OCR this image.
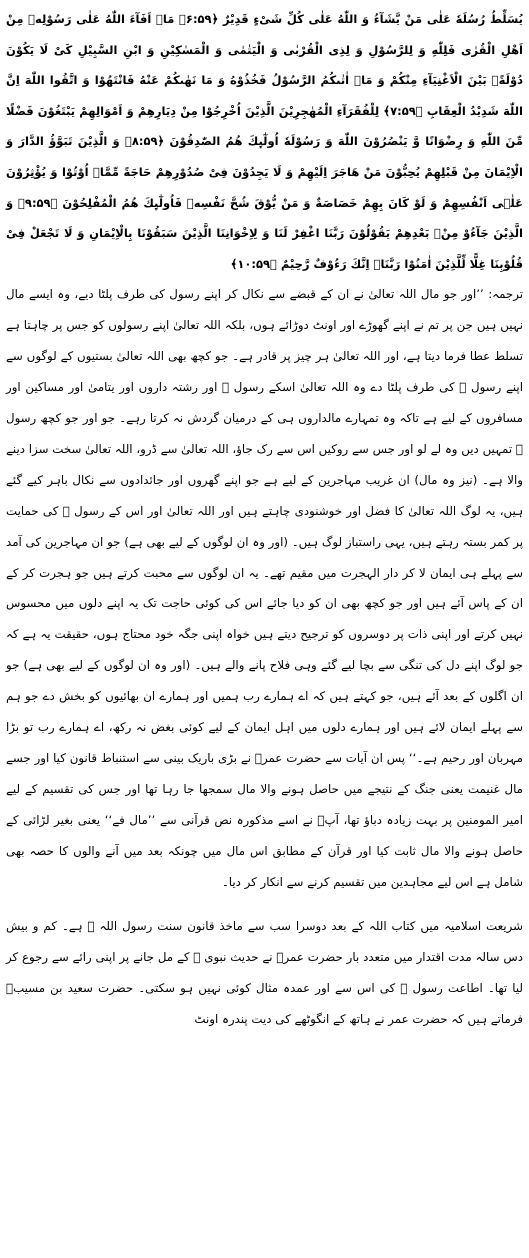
یُسَلِّطُ رُسُلَهٗ عَلٰی مَنْ یَّشَآءُ وَ اللّٰهُ عَلٰی كُلِّ شَیْءٍ قَدِیْرٌ ﴿۶:۵۹﴾ مَاۤ اَفَآءَ اللّٰهُ عَلٰی رَسُوْلِهٖ مِنْ اَهْلِ الْقُرٰی فَلِلّٰهِ وَ لِلرَّسُوْلِ وَ لِذِی الْقُرْبٰی وَ الْیَتٰمٰی وَ الْمَسٰكِیْنِ وَ ابْنِ السَّبِیْلِ كَیْ لَا یَكُوْنَ دُوْلَةًۢ بَیْنَ الْاَغْنِیَآءِ مِنْكُمْ وَ مَاۤ اٰتٰىكُمُ الرَّسُوْلُ فَخُذُوْهُ وَ مَا نَهٰىكُمْ عَنْهُ فَانْتَهُوْا وَ اتَّقُوا اللّٰهَ اِنَّ اللّٰهَ شَدِیْدُ الْعِقَابِ ﴿۷:۵۹﴾ لِلْفُقَرَآءِ الْمُهٰجِرِیْنَ الَّذِیْنَ اُخْرِجُوْا مِنْ دِیَارِهِمْ وَ اَمْوَالِهِمْ یَبْتَغُوْنَ فَضْلًا مِّنَ اللّٰهِ وَ رِضْوَانًا وَّ یَنْصُرُوْنَ اللّٰهَ وَ رَسُوْلَهٗ اُولٰٓىِٕكَ هُمُ الصّٰدِقُوْنَ ﴿۸:۵۹﴾ وَ الَّذِیْنَ تَبَوَّؤُ الدَّارَ وَ الْاِیْمَانَ مِنْ قَبْلِهِمْ یُحِبُّوْنَ مَنْ هَاجَرَ اِلَیْهِمْ وَ لَا یَجِدُوْنَ فِیْ صُدُوْرِهِمْ حَاجَةً مِّمَّاۤ اُوْتُوْا وَ یُؤْثِرُوْنَ عَلٰۤی اَنْفُسِهِمْ وَ لَوْ كَانَ بِهِمْ خَصَاصَةٌ وَ مَنْ یُّوْقَ شُحَّ نَفْسِهٖ فَاُولٰٓىِٕكَ هُمُ الْمُفْلِحُوْنَ ﴿۹:۵۹﴾ وَ الَّذِیْنَ جَآءُوْ مِنْۢ بَعْدِهِمْ یَقُوْلُوْنَ رَبَّنَا اغْفِرْ لَنَا وَ لِاِخْوَانِنَا الَّذِیْنَ سَبَقُوْنَا بِالْاِیْمَانِ وَ لَا تَجْعَلْ فِیْ قُلُوْبِنَا غِلًّا لِّلَّذِیْنَ اٰمَنُوْا رَبَّنَاۤ اِنَّكَ رَءُوْفٌ رَّحِیْمٌ ﴿۱۰:۵۹﴾

ترجمہ: ’’اور جو مال اللہ تعالیٰ نے ان کے قبضے سے نکال کر اپنے رسول کی طرف پلٹا دیے، وہ ایسے مال نہیں ہیں جن پر تم نے اپنے گھوڑے اور اونٹ دوڑائے ہوں، بلکہ اللہ تعالیٰ اپنے رسولوں کو جس پر چاہتا ہے تسلط عطا فرما دیتا ہے، اور اللہ تعالیٰ ہر چیز پر قادر ہے۔ جو کچھ بھی اللہ تعالیٰ بستیوں کے لوگوں سے اپنے رسول ﷺ کی طرف پلٹا دے وہ اللہ تعالیٰ اسکے رسول ﷺ اور رشتہ داروں اور یتامیٰ اور مساکین اور مسافروں کے لیے ہے تاکہ وہ تمہارے مالداروں ہی کے درمیان گردش نہ کرتا رہے۔ جو اور جو کچھ رسول ﷺ تمہیں دیں وہ لے لو اور جس سے روکیں اس سے رک جاؤ، اللہ تعالیٰ سے ڈرو، اللہ تعالیٰ سخت سزا دینے والا ہے۔ (نیز وہ مال) ان غریب مہاجرین کے لیے ہے جو اپنے گھروں اور جائدادوں سے نکال باہر کیے گئے ہیں، یہ لوگ اللہ تعالیٰ کا فضل اور خوشنودی چاہتے ہیں اور اللہ تعالیٰ اور اس کے رسول ﷺ کی حمایت پر کمر بستہ رہتے ہیں، یہی راستباز لوگ ہیں۔ (اور وہ ان لوگوں کے لیے بھی ہے) جو ان مہاجرین کی آمد سے پہلے ہی ایمان لا کر دار الہجرت میں مقیم تھے۔ یہ ان لوگوں سے محبت کرتے ہیں جو ہجرت کر کے ان کے پاس آئے ہیں اور جو کچھ بھی ان کو دیا جائے اس کی کوئی حاجت تک یہ اپنے دلوں میں محسوس نہیں کرتے اور اپنی ذات پر دوسروں کو ترجیح دیتے ہیں خواہ اپنی جگہ خود محتاج ہوں، حقیقت یہ ہے کہ جو لوگ اپنے دل کی تنگی سے بچا لیے گئے وہی فلاح پانے والے ہیں۔ (اور وہ ان لوگوں کے لیے بھی ہے) جو ان اگلوں کے بعد آئے ہیں، جو کہتے ہیں کہ اے ہمارے رب ہمیں اور ہمارے ان بھائیوں کو بخش دے جو ہم سے پہلے ایمان لائے ہیں اور ہمارے دلوں میں اہل ایمان کے لیے کوئی بغض نہ رکھ، اے ہمارے رب تو بڑا مہربان اور رحیم ہے۔‘‘ پس ان آیات سے حضرت عمرؓ نے بڑی باریک بینی سے استنباط قانون کیا اور جسے مال غنیمت یعنی جنگ کے نتیجے میں حاصل ہونے والا مال سمجھا جا رہا تھا اور جس کی تقسیم کے لیے امیر المومنین پر بہت زیادہ دباؤ تھا، آپؓ نے اسے مذکورہ نص قرآنی سے ’’مال فے‘‘ یعنی بغیر لڑائی کے حاصل ہونے والا مال ثابت کیا اور قرآن کے مطابق اس مال میں چونکہ بعد میں آنے والوں کا حصہ بھی شامل ہے اس لیے مجاہدین میں تقسیم کرنے سے انکار کر دیا۔

شریعت اسلامیہ میں کتاب اللہ کے بعد دوسرا سب سے ماخذ قانون سنت رسول اللہ ﷺ ہے۔ کم و بیش دس سالہ مدت اقتدار میں متعدد بار حضرت عمرؓ نے حدیث نبوی ﷺ کے مل جانے پر اپنی رائے سے رجوع کر لیا تھا۔ اطاعت رسول ﷺ کی اس سے اور عمدہ مثال کوئی نہیں ہو سکتی۔ حضرت سعید بن مسیبؒ فرماتے ہیں کہ حضرت عمر نے ہاتھ کے انگوٹھے کی دیت پندرہ اونٹ
